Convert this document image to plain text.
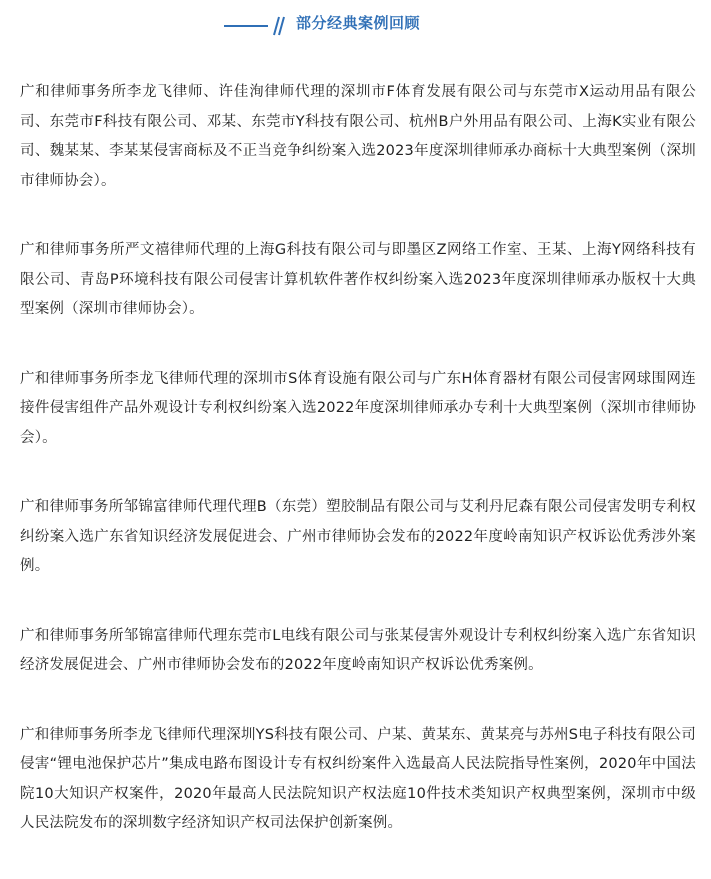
部分经典案例回顾

广和律师事务所李龙飞律师、许佳洵律师代理的深圳市F体育发展有限公司与东莞市X运动用品有限公司、东莞市F科技有限公司、邓某、东莞市Y科技有限公司、杭州B户外用品有限公司、上海K实业有限公司、魏某某、李某某侵害商标及不正当竞争纠纷案入选2023年度深圳律师承办商标十大典型案例（深圳市律师协会）。

广和律师事务所严文禧律师代理的上海G科技有限公司与即墨区Z网络工作室、王某、上海Y网络科技有限公司、青岛P环境科技有限公司侵害计算机软件著作权纠纷案入选2023年度深圳律师承办版权十大典型案例（深圳市律师协会）。

广和律师事务所李龙飞律师代理的深圳市S体育设施有限公司与广东H体育器材有限公司侵害网球围网连接件侵害组件产品外观设计专利权纠纷案入选2022年度深圳律师承办专利十大典型案例（深圳市律师协会）。

广和律师事务所邹锦富律师代理代理B（东莞）塑胶制品有限公司与艾利丹尼森有限公司侵害发明专利权纠纷案入选广东省知识经济发展促进会、广州市律师协会发布的2022年度岭南知识产权诉讼优秀涉外案例。

广和律师事务所邹锦富律师代理东莞市L电线有限公司与张某侵害外观设计专利权纠纷案入选广东省知识经济发展促进会、广州市律师协会发布的2022年度岭南知识产权诉讼优秀案例。

广和律师事务所李龙飞律师代理深圳YS科技有限公司、户某、黄某东、黄某亮与苏州S电子科技有限公司侵害“锂电池保护芯片”集成电路布图设计专有权纠纷案件入选最高人民法院指导性案例，2020年中国法院10大知识产权案件，2020年最高人民法院知识产权法庭10件技术类知识产权典型案例，深圳市中级人民法院发布的深圳数字经济知识产权司法保护创新案例。
